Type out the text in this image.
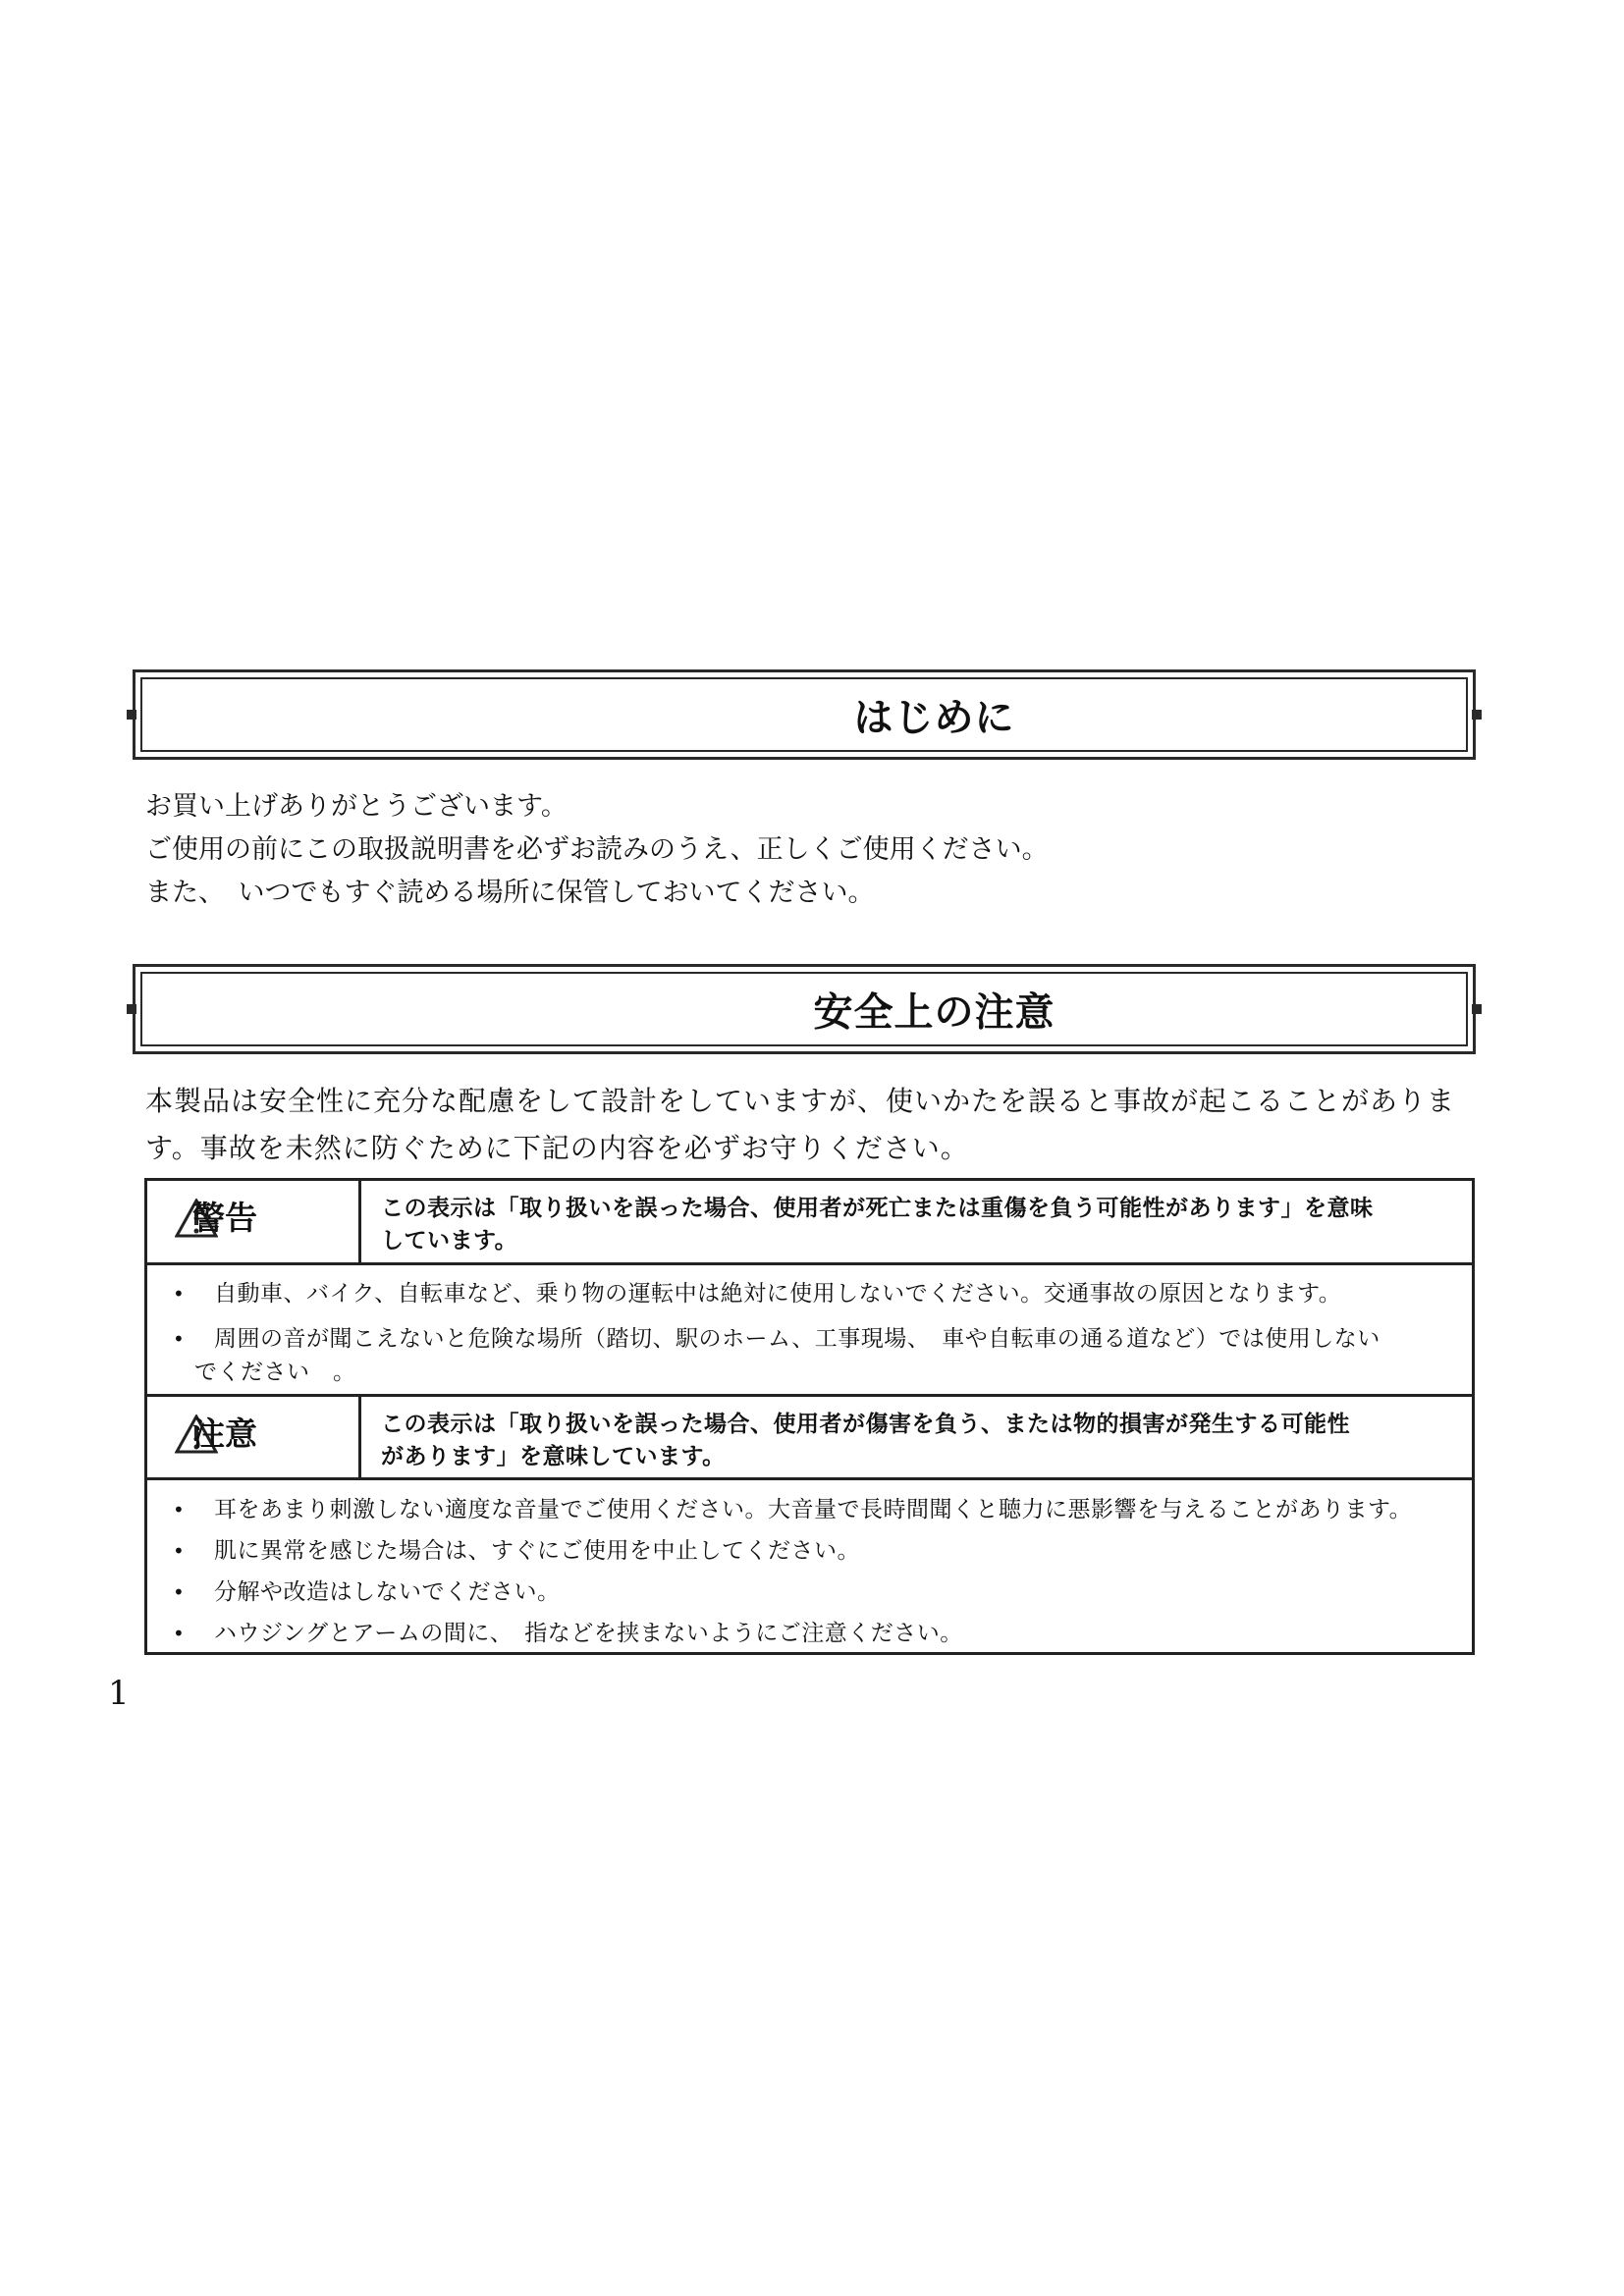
はじめに
お買い上げありがとうございます。
ご使用の前にこの取扱説明書を必ずお読みのうえ、正しくご使用ください。
また、　いつでもすぐ読める場所に保管しておいてください。
安全上の注意
本製品は安全性に充分な配慮をして設計をしていますが、使いかたを誤ると事故が起こることがありま
す。事故を未然に防ぐために下記の内容を必ずお守りください。
警告	この表示は「取り扱いを誤った場合、使用者が死亡または重傷を負う可能性があります」を意味
しています。
• 自動車、バイク、自転車など、乗り物の運転中は絶対に使用しないでください。交通事故の原因となります。
• 周囲の音が聞こえないと危険な場所（踏切、駅のホーム、工事現場、　車や自転車の通る道など）では使用しない
でください　。
注意	この表示は「取り扱いを誤った場合、使用者が傷害を負う、または物的損害が発生する可能性
があります」を意味しています。
• 耳をあまり刺激しない適度な音量でご使用ください。大音量で長時間聞くと聴力に悪影響を与えることがあります。
• 肌に異常を感じた場合は、すぐにご使用を中止してください。
• 分解や改造はしないでください。
• ハウジングとアームの間に、　指などを挟まないようにご注意ください。
1
